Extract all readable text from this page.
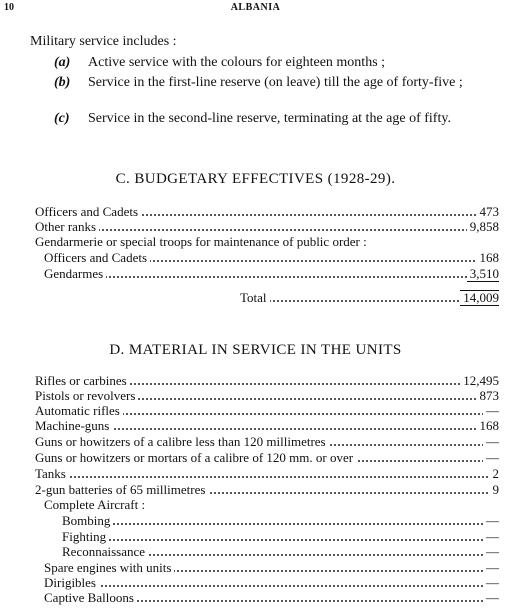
10	ALBANIA
Military service includes :
(a) Active service with the colours for eighteen months ;
(b) Service in the first-line reserve (on leave) till the age of forty-five ;
(c) Service in the second-line reserve, terminating at the age of fifty.
C. BUDGETARY EFFECTIVES (1928-29).
Officers and Cadets	473
Other ranks	9,858
Gendarmerie or special troops for maintenance of public order :
Officers and Cadets	168
Gendarmes	3,510
Total	14,009
D. MATERIAL IN SERVICE IN THE UNITS
Rifles or carbines	12,495
Pistols or revolvers	873
Automatic rifles	—
Machine-guns	168
Guns or howitzers of a calibre less than 120 millimetres	—
Guns or howitzers or mortars of a calibre of 120 mm. or over	—
Tanks	2
2-gun batteries of 65 millimetres	9
Complete Aircraft :
Bombing	—
Fighting	—
Reconnaissance	—
Spare engines with units	—
Dirigibles	—
Captive Balloons	—
